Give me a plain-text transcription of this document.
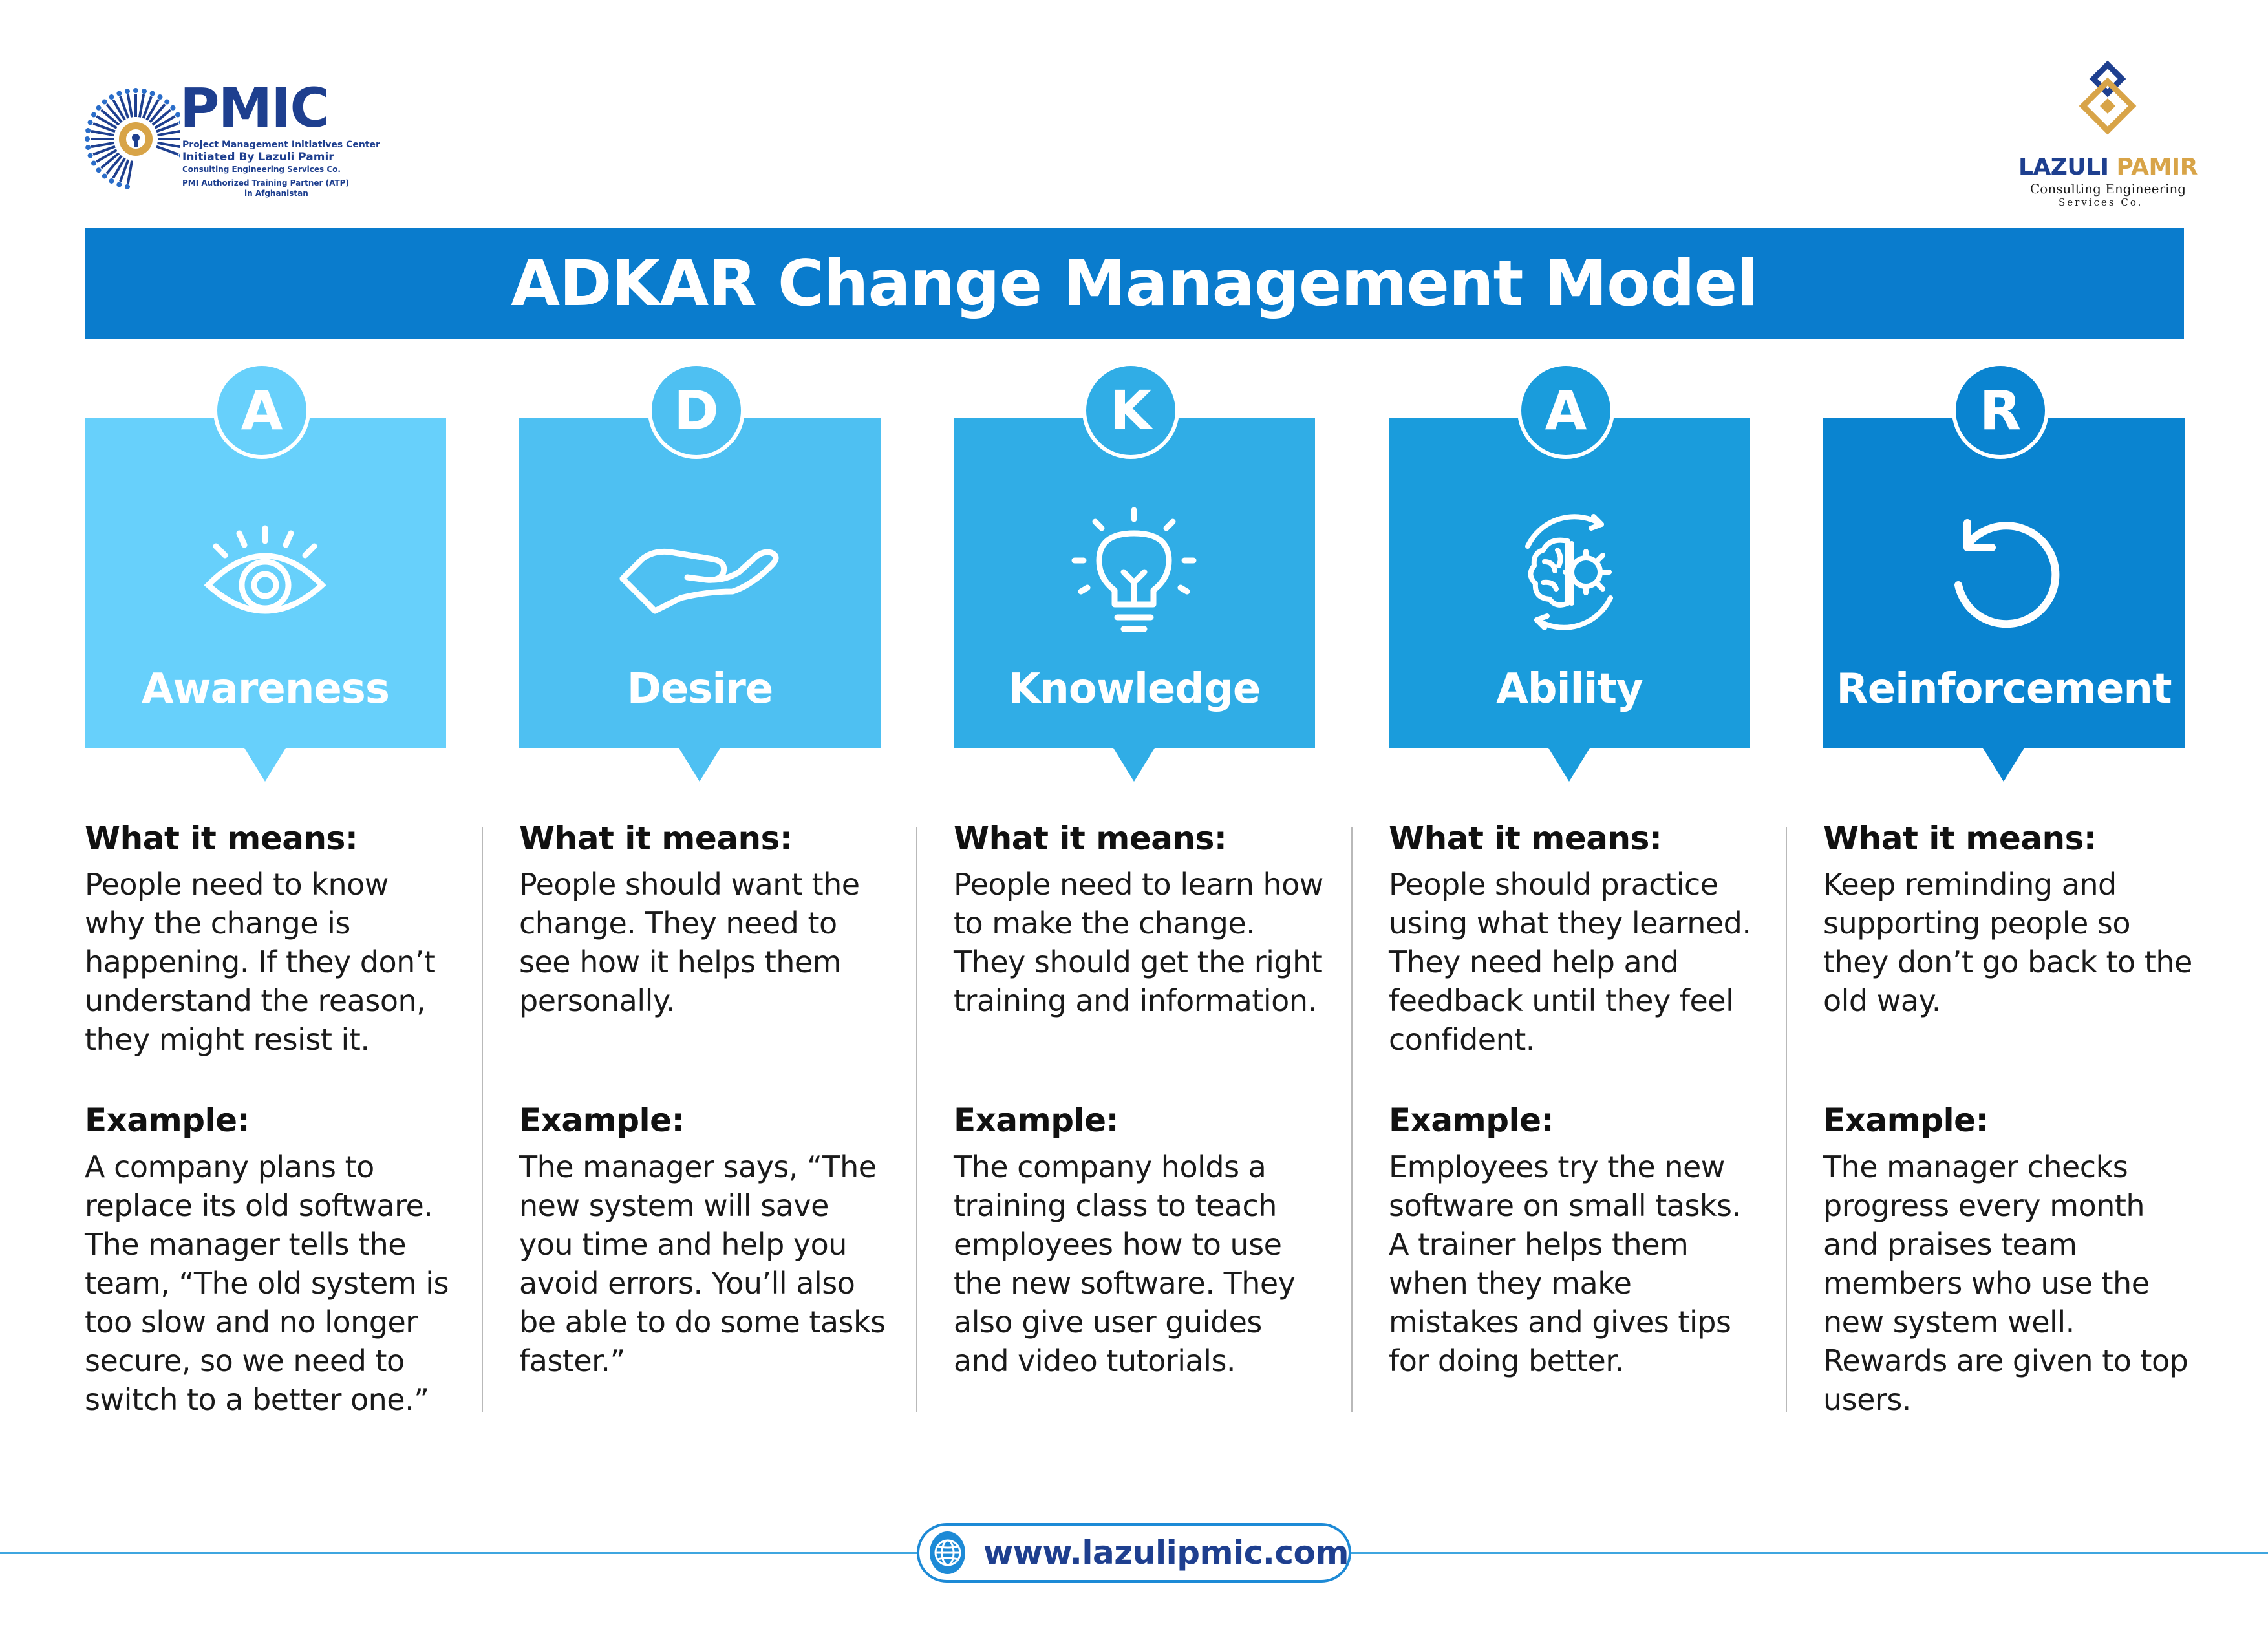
PMIC
Project Management Initiatives Center
Initiated By Lazuli Pamir
Consulting Engineering Services Co.
PMI Authorized Training Partner (ATP)
in Afghanistan
LAZULI PAMIR
Consulting Engineering
Services Co.
ADKAR Change Management Model
A
Awareness
What it means:
People need to know why the change is happening. If they don’t understand the reason, they might resist it.
Example:
A company plans to replace its old software. The manager tells the team, “The old system is too slow and no longer secure, so we need to switch to a better one.”
D
Desire
What it means:
People should want the change. They need to see how it helps them personally.
Example:
The manager says, “The new system will save you time and help you avoid errors. You’ll also be able to do some tasks faster.”
K
Knowledge
What it means:
People need to learn how to make the change. They should get the right training and information.
Example:
The company holds a training class to teach employees how to use the new software. They also give user guides and video tutorials.
A
Ability
What it means:
People should practice using what they learned. They need help and feedback until they feel confident.
Example:
Employees try the new software on small tasks. A trainer helps them when they make mistakes and gives tips for doing better.
R
Reinforcement
What it means:
Keep reminding and supporting people so they don’t go back to the old way.
Example:
The manager checks progress every month and praises team members who use the new system well. Rewards are given to top users.
www.lazulipmic.com
